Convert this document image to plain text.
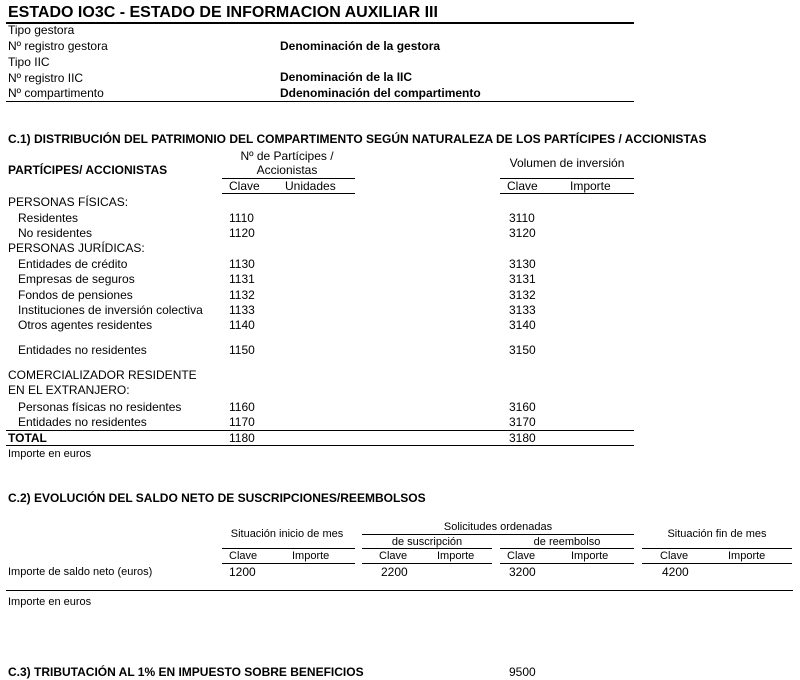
ESTADO IO3C - ESTADO DE INFORMACION AUXILIAR III
Tipo gestora
Nº registro gestora	Denominación de la gestora
Tipo IIC
Nº registro IIC	Denominación de la IIC
Nº compartimento	Ddenominación del compartimento
C.1) DISTRIBUCIÓN DEL PATRIMONIO DEL COMPARTIMENTO SEGÚN NATURALEZA DE LOS PARTÍCIPES / ACCIONISTAS
PARTÍCIPES/ ACCIONISTAS
Nº de Partícipes / Accionistas	Volumen de inversión
Clave Unidades	Clave	Importe
PERSONAS FÍSICAS:
Residentes	1110	3110
No residentes	1120	3120
PERSONAS JURÍDICAS:
Entidades de crédito	1130	3130
Empresas de seguros	1131	3131
Fondos de pensiones	1132	3132
Instituciones de inversión colectiva 1133	3133
Otros agentes residentes	1140	3140
Entidades no residentes	1150	3150
COMERCIALIZADOR RESIDENTE
EN EL EXTRANJERO:
Personas físicas no residentes	1160	3160
Entidades no residentes	1170	3170
TOTAL	1180	3180
Importe en euros
C.2) EVOLUCIÓN DEL SALDO NETO DE SUSCRIPCIONES/REEMBOLSOS
Situación inicio de mes
Solicitudes ordenadas
de suscripción	de reembolso
Situación fin de mes
Clave	Importe	Clave	Importe	Clave	Importe	Clave	Importe
Importe de saldo neto (euros)	1200	2200	3200	4200
Importe en euros
C.3) TRIBUTACIÓN AL 1% EN IMPUESTO SOBRE BENEFICIOS	9500
